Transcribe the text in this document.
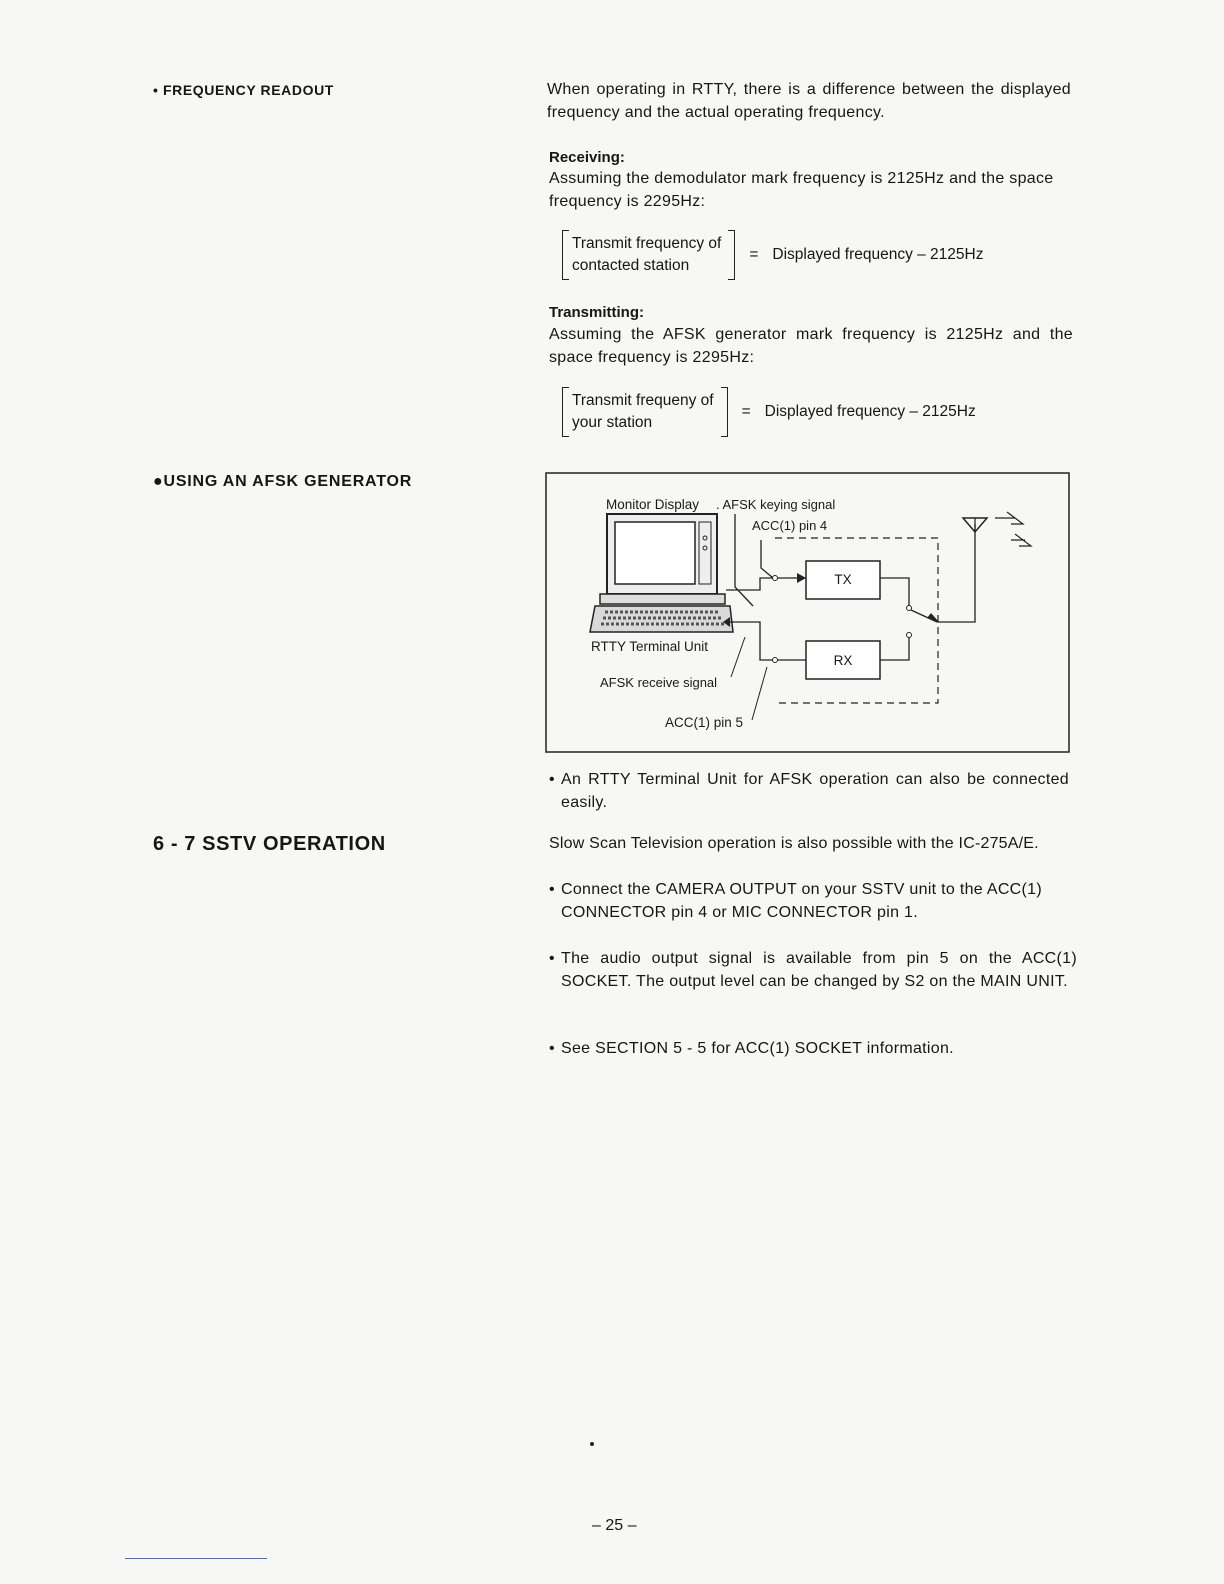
• FREQUENCY READOUT
●USING AN AFSK GENERATOR
6 - 7 SSTV OPERATION
When operating in RTTY, there is a difference between the displayed frequency and the actual operating frequency.
Receiving:
Assuming the demodulator mark frequency is 2125Hz and the space frequency is 2295Hz:
Transmit frequency of
contacted station
= Displayed frequency – 2125Hz
Transmitting:
Assuming the AFSK generator mark frequency is 2125Hz and the space frequency is 2295Hz:
Transmit frequeny of
your station
= Displayed frequency – 2125Hz
Monitor Display . AFSK keying signal
ACC(1) pin 4
RTTY Terminal Unit
AFSK receive signal
ACC(1) pin 5
TX
RX
• An RTTY Terminal Unit for AFSK operation can also be connected easily.
Slow Scan Television operation is also possible with the IC-275A/E.
• Connect the CAMERA OUTPUT on your SSTV unit to the ACC(1) CONNECTOR pin 4 or MIC CONNECTOR pin 1.
• The audio output signal is available from pin 5 on the ACC(1) SOCKET. The output level can be changed by S2 on the MAIN UNIT.
• See SECTION 5 - 5 for ACC(1) SOCKET information.
– 25 –
